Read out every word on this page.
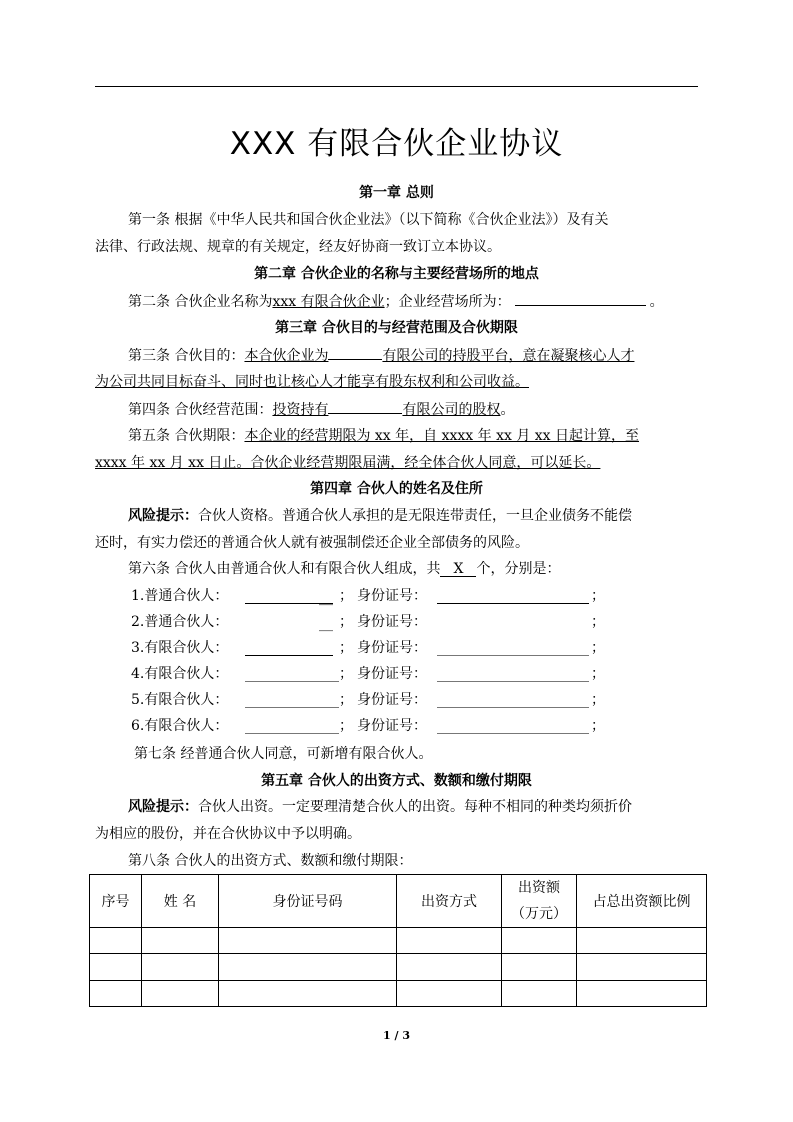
XXX 有限合伙企业协议
第一章 总则
第一条 根据《中华人民共和国合伙企业法》（以下简称《合伙企业法》）及有关
法律、行政法规、规章的有关规定，经友好协商一致订立本协议。
第二章 合伙企业的名称与主要经营场所的地点
第二条 合伙企业名称为xxx 有限合伙企业；企业经营场所为：	。
第三章 合伙目的与经营范围及合伙期限
第三条 合伙目的：本合伙企业为	有限公司的持股平台，意在凝聚核心人才
为公司共同目标奋斗、同时也让核心人才能享有股东权利和公司收益。
第四条 合伙经营范围：投资持有	有限公司的股权。
第五条 合伙期限：本企业的经营期限为 xx 年，自 xxxx 年 xx 月 xx 日起计算，至
xxxx 年 xx 月 xx 日止。合伙企业经营期限届满，经全体合伙人同意，可以延长。
第四章 合伙人的姓名及住所
风险提示：合伙人资格。普通合伙人承担的是无限连带责任，一旦企业债务不能偿
还时，有实力偿还的普通合伙人就有被强制偿还企业全部债务的风险。
第六条 合伙人由普通合伙人和有限合伙人组成，共 X 个，分别是：
1.普通合伙人：	__ ； 身份证号：	；
2.普通合伙人：	__ ； 身份证号：	；
3.有限合伙人：	； 身份证号：	；
4.有限合伙人：	； 身份证号：	；
5.有限合伙人：	； 身份证号：	；
6.有限合伙人：	； 身份证号：	；
第七条 经普通合伙人同意，可新增有限合伙人。
第五章 合伙人的出资方式、数额和缴付期限
风险提示：合伙人出资。一定要理清楚合伙人的出资。每种不相同的种类均须折价
为相应的股份，并在合伙协议中予以明确。
第八条 合伙人的出资方式、数额和缴付期限：
序号	姓 名	身份证号码	出资方式	出资额
（万元）	占总出资额比例

1 / 3
